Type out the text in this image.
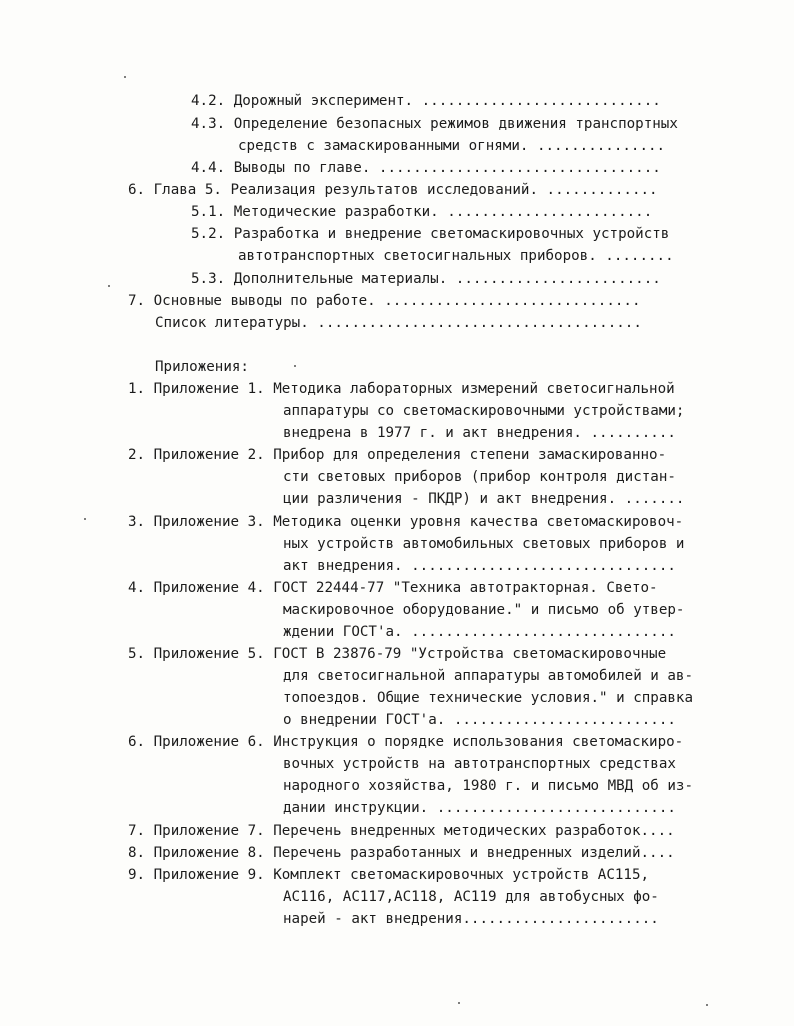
4.2. Дорожный эксперимент. ............................
4.3. Определение безопасных режимов движения транспортных
средств с замаскированными огнями. ...............
4.4. Выводы по главе. .................................
6. Глава 5. Реализация результатов исследований. .............
5.1. Методические разработки. ........................
5.2. Разработка и внедрение светомаскировочных устройств
автотранспортных светосигнальных приборов. ........
5.3. Дополнительные материалы. ........................
7. Основные выводы по работе. ..............................
Список литературы. ......................................
Приложения:
1. Приложение 1. Методика лабораторных измерений светосигнальной
аппаратуры со светомаскировочными устройствами;
внедрена в 1977 г. и акт внедрения. ..........
2. Приложение 2. Прибор для определения степени замаскированно-
сти световых приборов (прибор контроля дистан-
ции различения - ПКДР) и акт внедрения. .......
3. Приложение 3. Методика оценки уровня качества светомаскировоч-
ных устройств автомобильных световых приборов и
акт внедрения. ...............................
4. Приложение 4. ГОСТ 22444-77 "Техника автотракторная. Свето-
маскировочное оборудование." и письмо об утвер-
ждении ГОСТ'а. ...............................
5. Приложение 5. ГОСТ В 23876-79 "Устройства светомаскировочные
для светосигнальной аппаратуры автомобилей и ав-
топоездов. Общие технические условия." и справка
о внедрении ГОСТ'а. ..........................
6. Приложение 6. Инструкция о порядке использования светомаскиро-
вочных устройств на автотранспортных средствах
народного хозяйства, 1980 г. и письмо МВД об из-
дании инструкции. ............................
7. Приложение 7. Перечень внедренных методических разработок....
8. Приложение 8. Перечень разработанных и внедренных изделий....
9. Приложение 9. Комплект светомаскировочных устройств АС115,
АС116, АС117,АС118, АС119 для автобусных фо-
нарей - акт внедрения.......................
